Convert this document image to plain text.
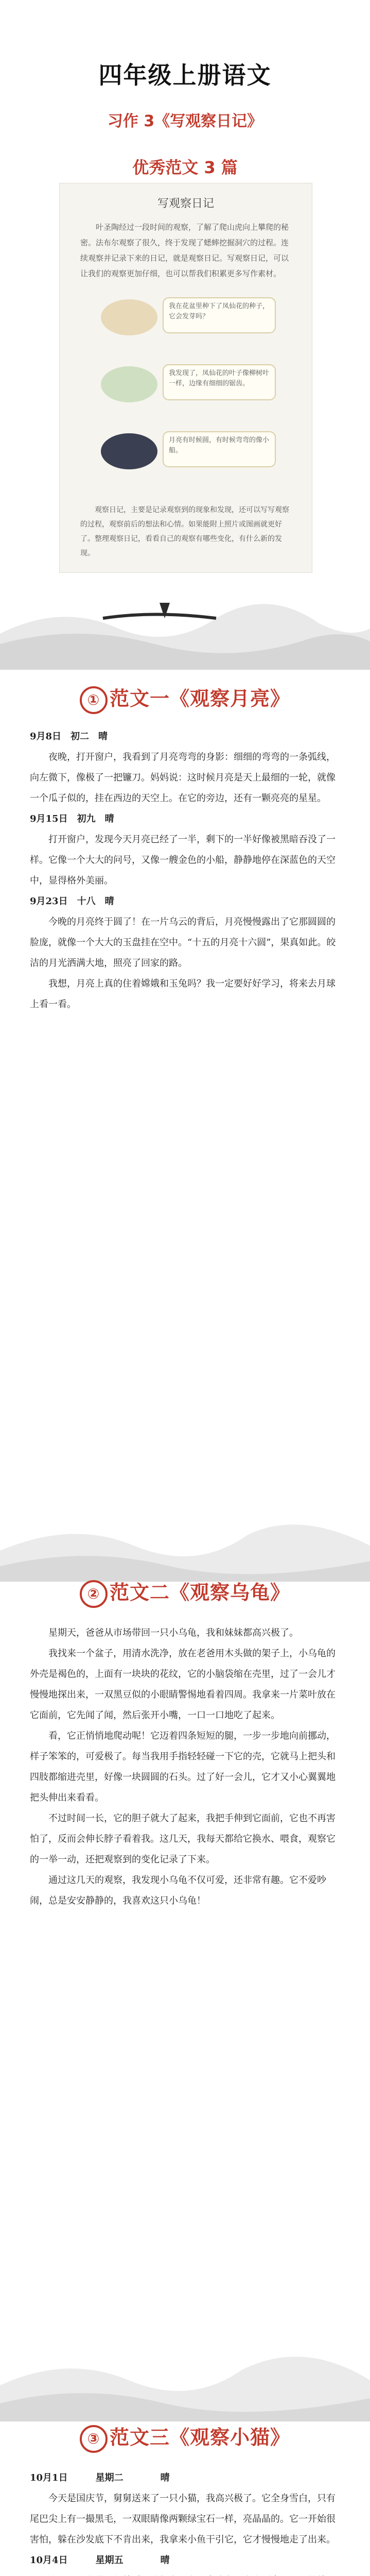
四年级上册语文
习作 3《写观察日记》
优秀范文 3 篇
写观察日记
叶圣陶经过一段时间的观察，了解了爬山虎向上攀爬的秘密。法布尔观察了很久，终于发现了蟋蟀挖掘洞穴的过程。连续观察并记录下来的日记，就是观察日记。写观察日记，可以让我们的观察更加仔细，也可以帮我们积累更多写作素材。
我在花盆里种下了凤仙花的种子，它会发芽吗？
我发现了，凤仙花的叶子像柳树叶一样，边缘有细细的锯齿。
月亮有时候圆，有时候弯弯的像小船。
观察日记，主要是记录观察到的现象和发现，还可以写写观察的过程，观察前后的想法和心情。如果能附上照片或图画就更好了。整理观察日记，看看自己的观察有哪些变化，有什么新的发现。
① 范文一《观察月亮》

9月8日　初二　晴

夜晚，打开窗户，我看到了月亮弯弯的身影：细细的弯弯的一条弧线，向左微下，像极了一把镰刀。妈妈说：这时候月亮是天上最细的一轮，就像一个瓜子似的，挂在西边的天空上。在它的旁边，还有一颗亮亮的星星。

9月15日　初九　晴

打开窗户，发现今天月亮已经了一半，剩下的一半好像被黑暗吞没了一样。它像一个大大的问号，又像一艘金色的小船，静静地停在深蓝色的天空中，显得格外美丽。

9月23日　十八　晴

今晚的月亮终于圆了！在一片乌云的背后，月亮慢慢露出了它那圆圆的脸庞，就像一个大大的玉盘挂在空中。“十五的月亮十六圆”，果真如此。皎洁的月光洒满大地，照亮了回家的路。

我想，月亮上真的住着嫦娥和玉兔吗？我一定要好好学习，将来去月球上看一看。

② 范文二《观察乌龟》

星期天，爸爸从市场带回一只小乌龟，我和妹妹都高兴极了。

我找来一个盆子，用清水洗净，放在老爸用木头做的架子上，小乌龟的外壳是褐色的，上面有一块块的花纹，它的小脑袋缩在壳里，过了一会儿才慢慢地探出来，一双黑豆似的小眼睛警惕地看着四周。我拿来一片菜叶放在它面前，它先闻了闻，然后张开小嘴，一口一口地吃了起来。

看，它正悄悄地爬动呢！它迈着四条短短的腿，一步一步地向前挪动，样子笨笨的，可爱极了。每当我用手指轻轻碰一下它的壳，它就马上把头和四肢都缩进壳里，好像一块圆圆的石头。过了好一会儿，它才又小心翼翼地把头伸出来看看。

不过时间一长，它的胆子就大了起来，我把手伸到它面前，它也不再害怕了，反而会伸长脖子看着我。这几天，我每天都给它换水、喂食，观察它的一举一动，还把观察到的变化记录了下来。

通过这几天的观察，我发现小乌龟不仅可爱，还非常有趣。它不爱吵闹，总是安安静静的，我喜欢这只小乌龟！

③ 范文三《观察小猫》

10月1日　　　星期二　　　　晴

今天是国庆节，舅舅送来了一只小猫，我高兴极了。它全身雪白，只有尾巴尖上有一撮黑毛，一双眼睛像两颗绿宝石一样，亮晶晶的。它一开始很害怕，躲在沙发底下不肯出来，我拿来小鱼干引它，它才慢慢地走了出来。

10月4日　　　星期五　　　　晴
